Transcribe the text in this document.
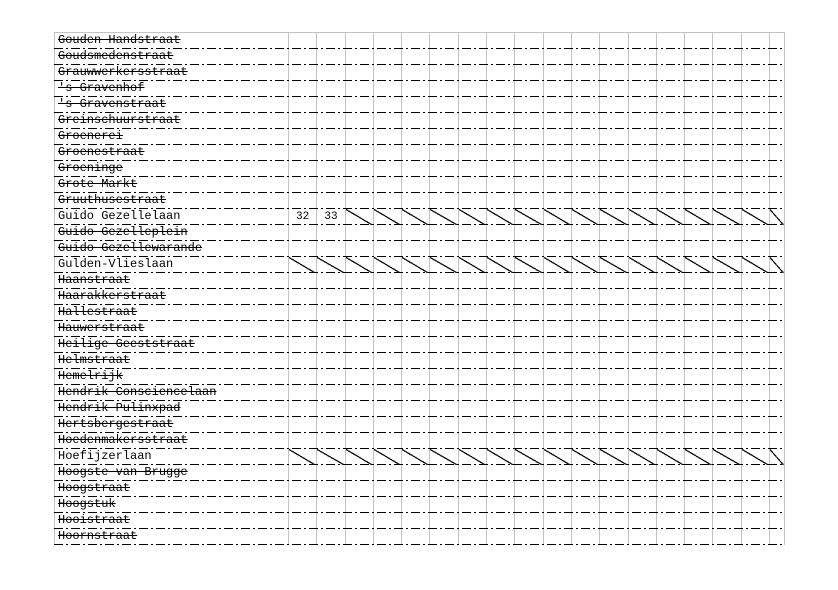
Gouden Handstraat
Goudsmedenstraat
Grauwwerkersstraat
's Gravenhof
's Gravenstraat
Greinschuurstraat
Groenerei
Groenestraat
Groeninge
Grote Markt
Gruuthusestraat
Guido Gezellelaan	32	33
Guido Gezelleplein
Guido Gezellewarande
Gulden-Vlieslaan
Haanstraat
Haarakkerstraat
Hallestraat
Hauwerstraat
Heilige Geeststraat
Helmstraat
Hemelrijk
Hendrik Consciencelaan
Hendrik Pulinxpad
Hertsbergestraat
Hoedenmakersstraat
Hoefijzerlaan
Hoogste van Brugge
Hoogstraat
Hoogstuk
Hooistraat
Hoornstraat
